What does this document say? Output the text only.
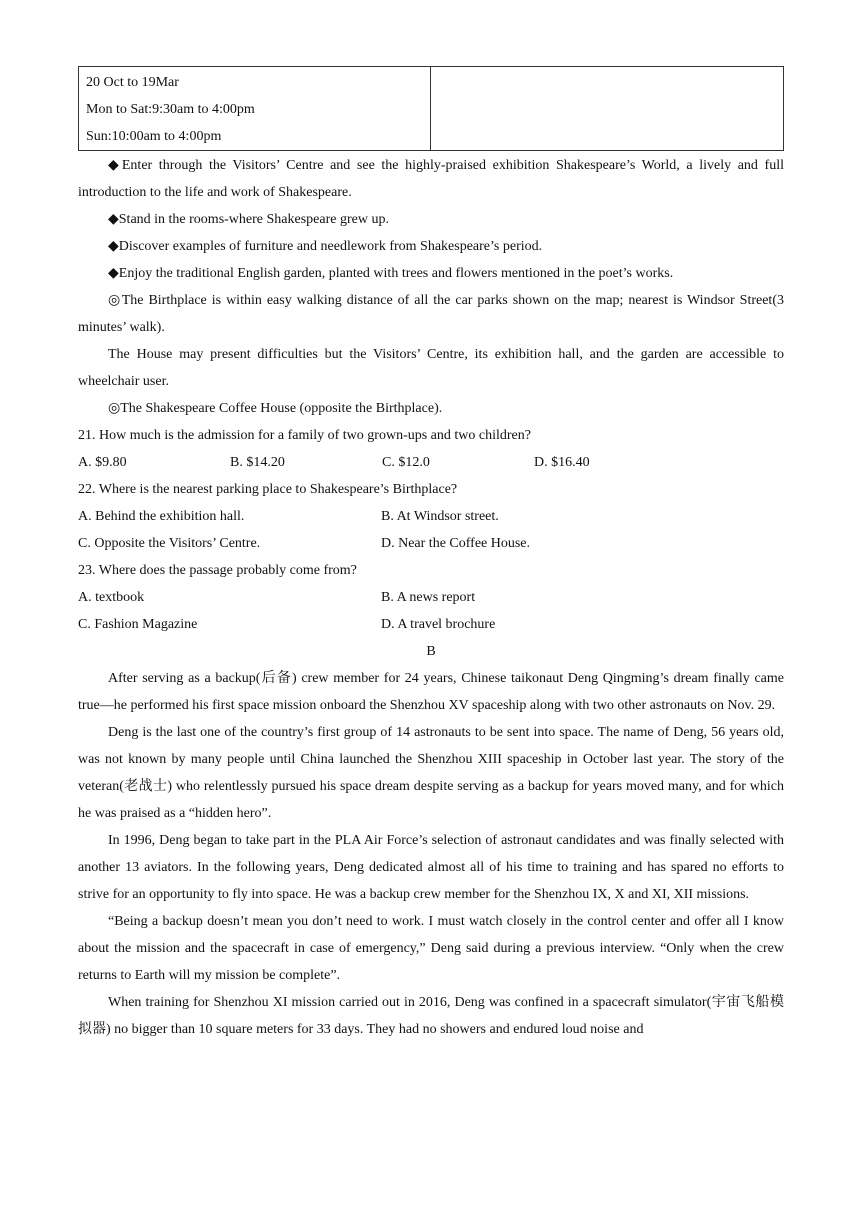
20 Oct to 19Mar
Mon to Sat:9:30am to 4:00pm
Sun:10:00am to 4:00pm

◆Enter through the Visitors’ Centre and see the highly-praised exhibition Shakespeare’s World, a lively and full introduction to the life and work of Shakespeare.

◆Stand in the rooms-where Shakespeare grew up.

◆Discover examples of furniture and needlework from Shakespeare’s period.

◆Enjoy the traditional English garden, planted with trees and flowers mentioned in the poet’s works.

◎The Birthplace is within easy walking distance of all the car parks shown on the map; nearest is Windsor Street(3 minutes’ walk).

The House may present difficulties but the Visitors’ Centre, its exhibition hall, and the garden are accessible to wheelchair user.

◎The Shakespeare Coffee House (opposite the Birthplace).

21. How much is the admission for a family of two grown-ups and two children?

A. $9.80	B. $14.20	C. $12.0	D. $16.40

22. Where is the nearest parking place to Shakespeare’s Birthplace?

A. Behind the exhibition hall.	B. At Windsor street.
C. Opposite the Visitors’ Centre.	D. Near the Coffee House.

23. Where does the passage probably come from?

A. textbook	B. A news report
C. Fashion Magazine	D. A travel brochure

B

After serving as a backup(后备) crew member for 24 years, Chinese taikonaut Deng Qingming’s dream finally came true—he performed his first space mission onboard the Shenzhou XV spaceship along with two other astronauts on Nov. 29.

Deng is the last one of the country’s first group of 14 astronauts to be sent into space. The name of Deng, 56 years old, was not known by many people until China launched the Shenzhou XIII spaceship in October last year. The story of the veteran(老战士) who relentlessly pursued his space dream despite serving as a backup for years moved many, and for which he was praised as a “hidden hero”.

In 1996, Deng began to take part in the PLA Air Force’s selection of astronaut candidates and was finally selected with another 13 aviators. In the following years, Deng dedicated almost all of his time to training and has spared no efforts to strive for an opportunity to fly into space. He was a backup crew member for the Shenzhou IX, X and XI, XII missions.

“Being a backup doesn’t mean you don’t need to work. I must watch closely in the control center and offer all I know about the mission and the spacecraft in case of emergency,” Deng said during a previous interview. “Only when the crew returns to Earth will my mission be complete”.

When training for Shenzhou XI mission carried out in 2016, Deng was confined in a spacecraft simulator(宇宙飞船模拟器) no bigger than 10 square meters for 33 days. They had no showers and endured loud noise and
